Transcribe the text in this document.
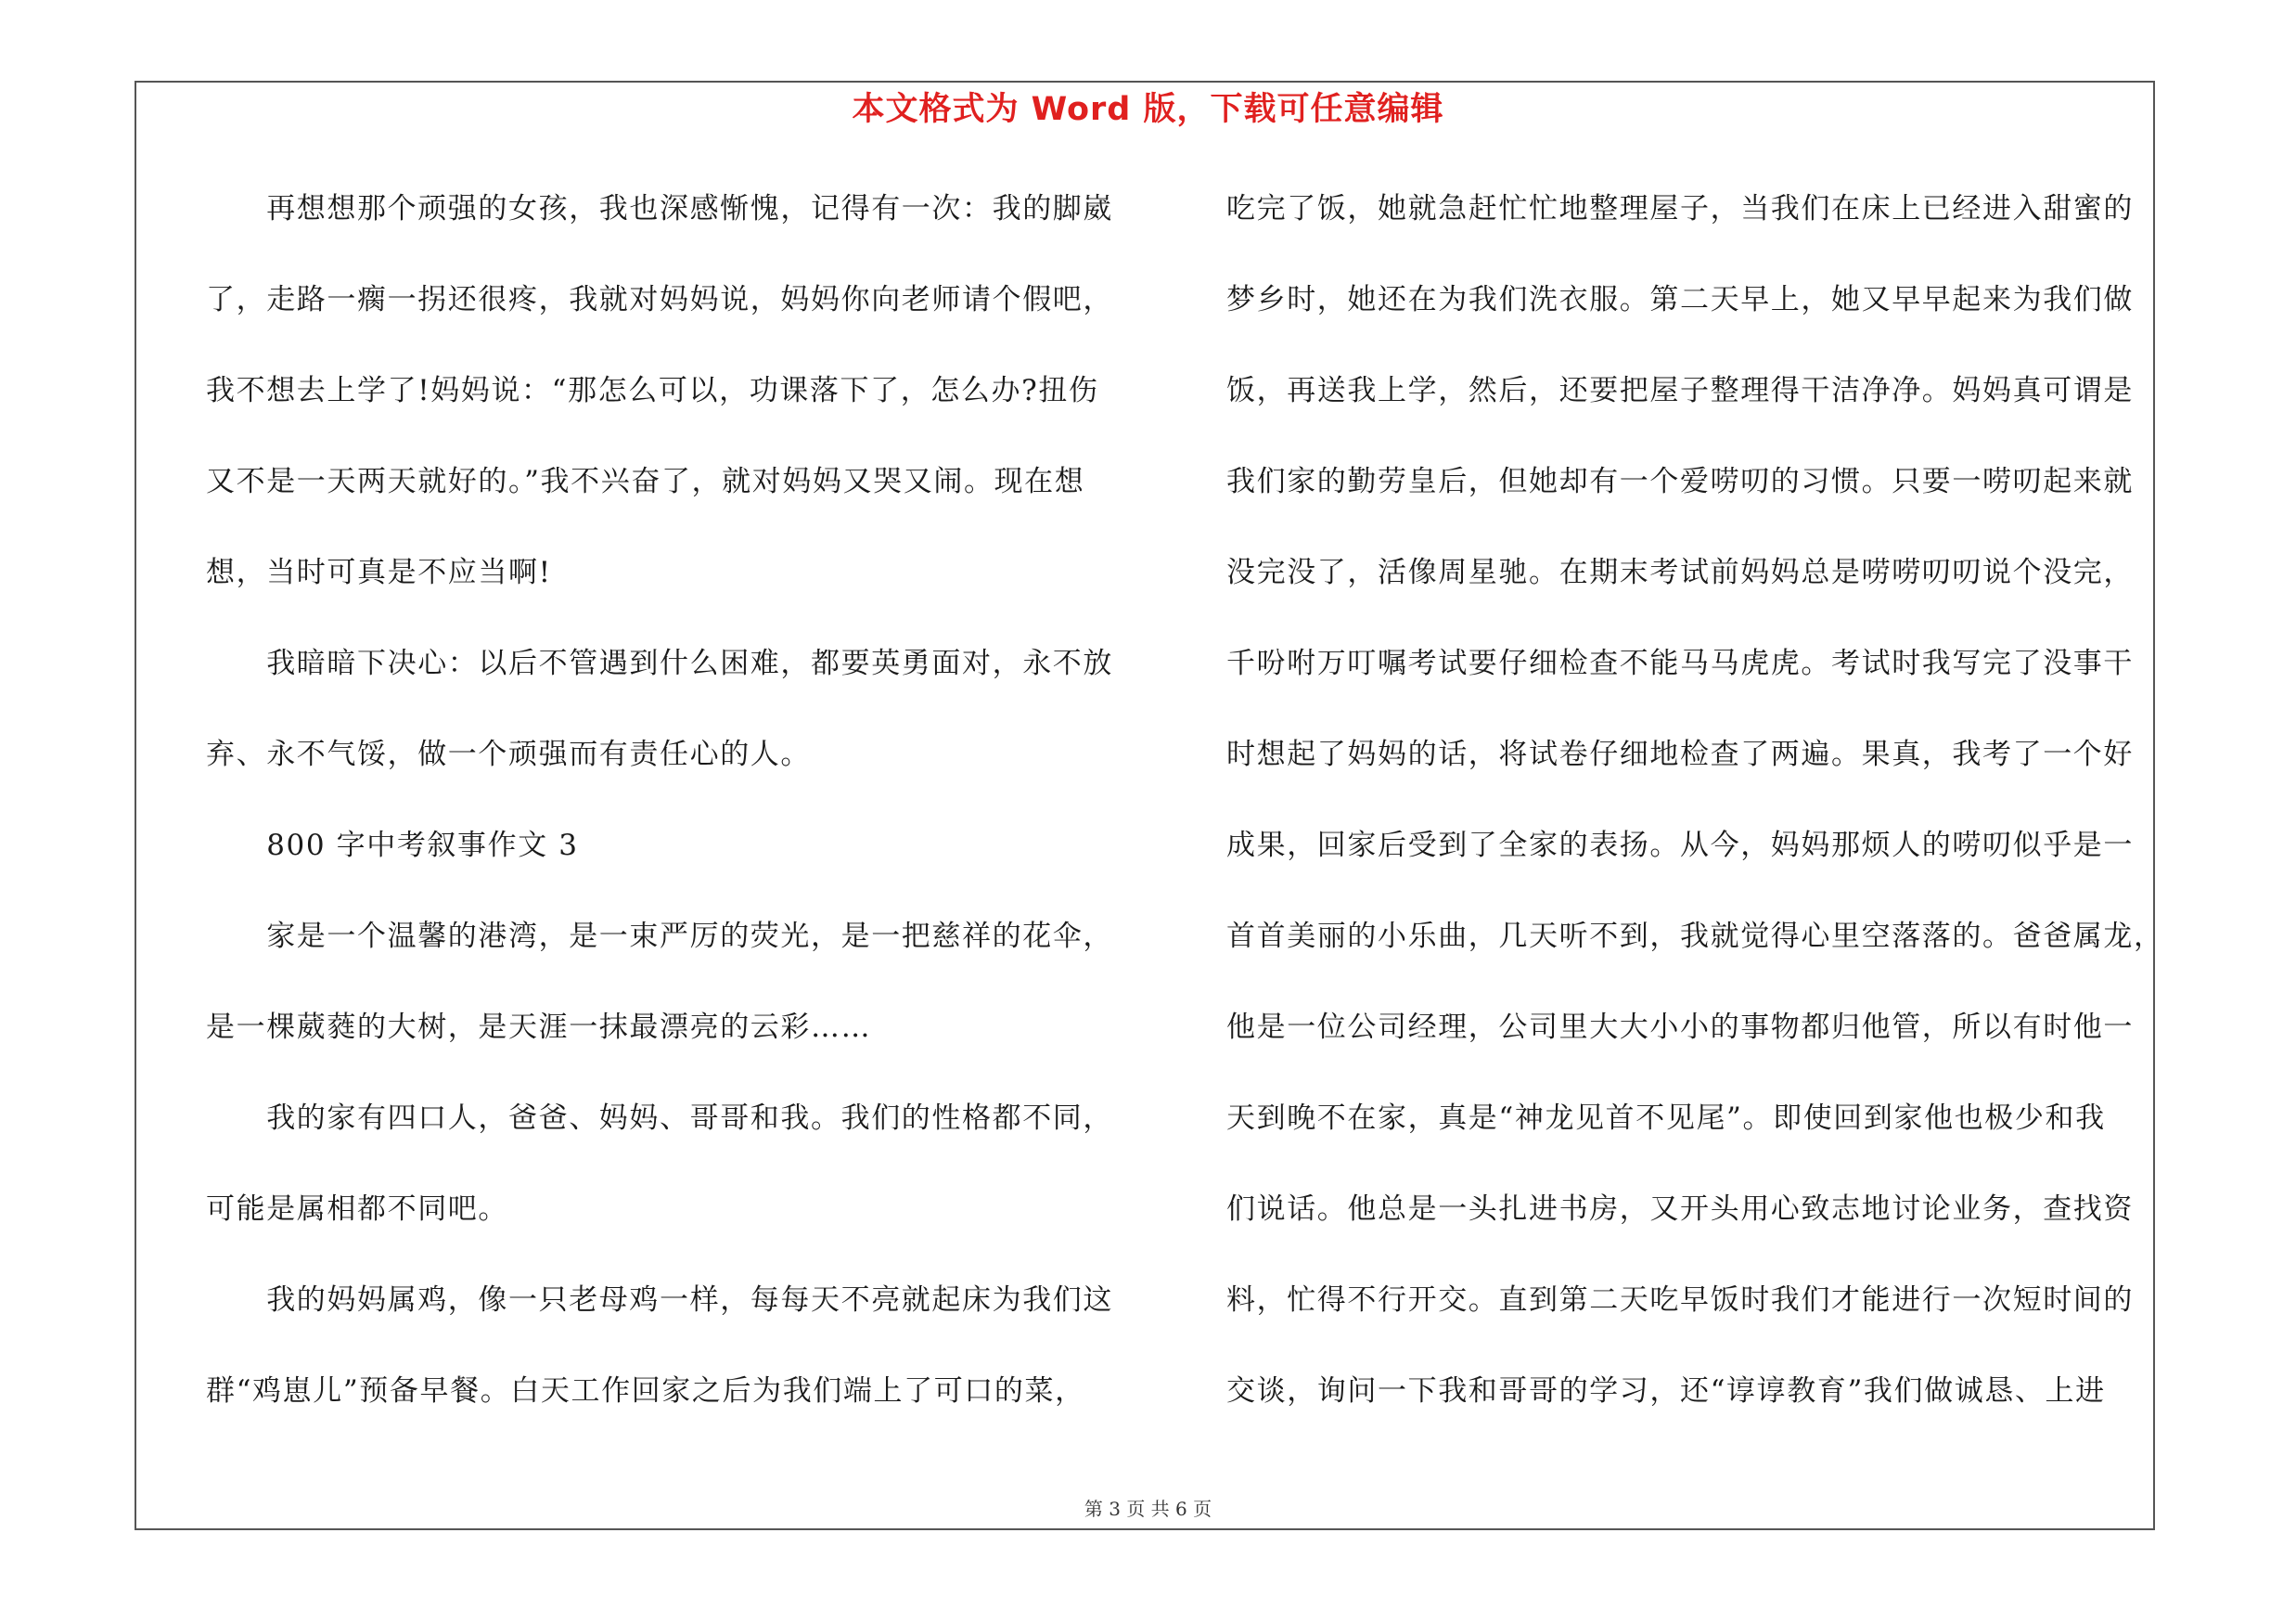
本文格式为 Word 版，下载可任意编辑
　　再想想那个顽强的女孩，我也深感惭愧，记得有一次：我的脚崴
了，走路一瘸一拐还很疼，我就对妈妈说，妈妈你向老师请个假吧，
我不想去上学了!妈妈说：“那怎么可以，功课落下了，怎么办?扭伤
又不是一天两天就好的。”我不兴奋了，就对妈妈又哭又闹。现在想
想，当时可真是不应当啊!
　　我暗暗下决心：以后不管遇到什么困难，都要英勇面对，永不放
弃、永不气馁，做一个顽强而有责任心的人。
　　800 字中考叙事作文 3
　　家是一个温馨的港湾，是一束严厉的荧光，是一把慈祥的花伞，
是一棵葳蕤的大树，是天涯一抹最漂亮的云彩……
　　我的家有四口人，爸爸、妈妈、哥哥和我。我们的性格都不同，
可能是属相都不同吧。
　　我的妈妈属鸡，像一只老母鸡一样，每每天不亮就起床为我们这
群“鸡崽儿”预备早餐。白天工作回家之后为我们端上了可口的菜，
吃完了饭，她就急赶忙忙地整理屋子，当我们在床上已经进入甜蜜的
梦乡时，她还在为我们洗衣服。第二天早上，她又早早起来为我们做
饭，再送我上学，然后，还要把屋子整理得干洁净净。妈妈真可谓是
我们家的勤劳皇后，但她却有一个爱唠叨的习惯。只要一唠叨起来就
没完没了，活像周星驰。在期末考试前妈妈总是唠唠叨叨说个没完，
千吩咐万叮嘱考试要仔细检查不能马马虎虎。考试时我写完了没事干
时想起了妈妈的话，将试卷仔细地检查了两遍。果真，我考了一个好
成果，回家后受到了全家的表扬。从今，妈妈那烦人的唠叨似乎是一
首首美丽的小乐曲，几天听不到，我就觉得心里空落落的。爸爸属龙，
他是一位公司经理，公司里大大小小的事物都归他管，所以有时他一
天到晚不在家，真是“神龙见首不见尾”。即使回到家他也极少和我
们说话。他总是一头扎进书房，又开头用心致志地讨论业务，查找资
料，忙得不行开交。直到第二天吃早饭时我们才能进行一次短时间的
交谈，询问一下我和哥哥的学习，还“谆谆教育”我们做诚恳、上进
第 3 页 共 6 页
